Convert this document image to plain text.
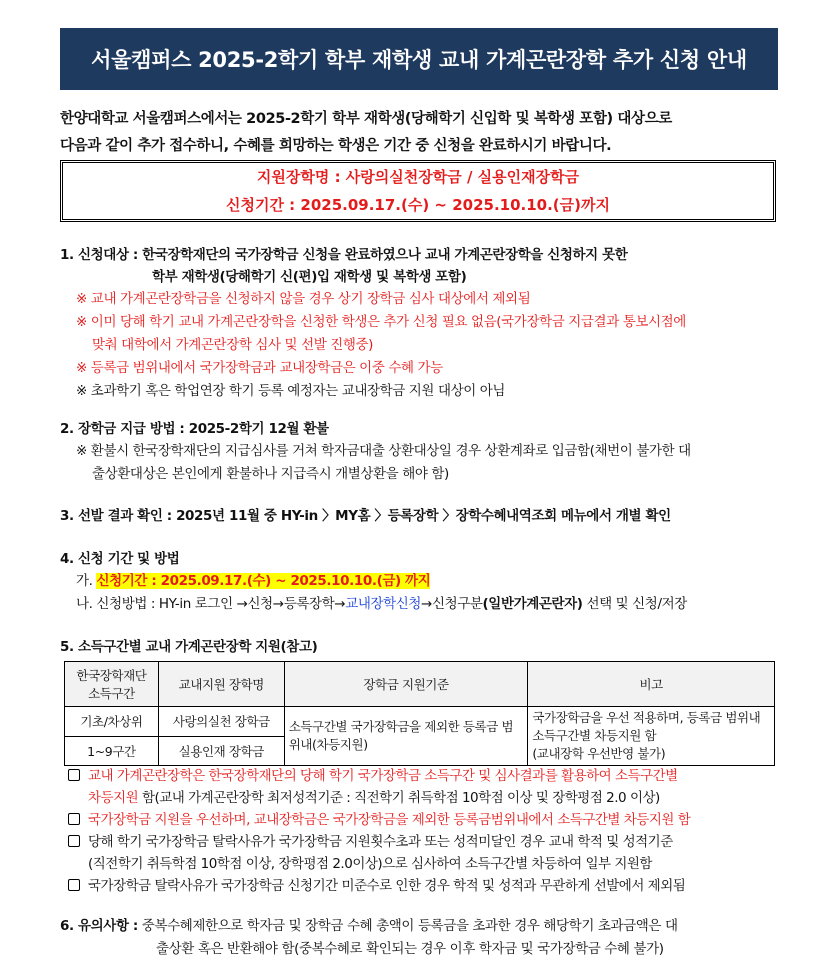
서울캠퍼스 2025-2학기 학부 재학생 교내 가계곤란장학 추가 신청 안내
한양대학교 서울캠퍼스에서는 2025-2학기 학부 재학생(당해학기 신입학 및 복학생 포함) 대상으로
다음과 같이 추가 접수하니, 수혜를 희망하는 학생은 기간 중 신청을 완료하시기 바랍니다.
지원장학명 : 사랑의실천장학금 / 실용인재장학금
신청기간 : 2025.09.17.(수) ~ 2025.10.10.(금)까지
1. 신청대상 : 한국장학재단의 국가장학금 신청을 완료하였으나 교내 가계곤란장학을 신청하지 못한
학부 재학생(당해학기 신(편)입 재학생 및 복학생 포함)
※ 교내 가계곤란장학금을 신청하지 않을 경우 상기 장학금 심사 대상에서 제외됨
※ 이미 당해 학기 교내 가계곤란장학을 신청한 학생은 추가 신청 필요 없음(국가장학금 지급결과 통보시점에
맞춰 대학에서 가계곤란장학 심사 및 선발 진행중)
※ 등록금 범위내에서 국가장학금과 교내장학금은 이중 수혜 가능
※ 초과학기 혹은 학업연장 학기 등록 예정자는 교내장학금 지원 대상이 아님
2. 장학금 지급 방법 : 2025-2학기 12월 환불
※ 환불시 한국장학재단의 지급심사를 거쳐 학자금대출 상환대상일 경우 상환계좌로 입금함(채번이 불가한 대
출상환대상은 본인에게 환불하나 지급즉시 개별상환을 해야 함)
3. 선발 결과 확인 : 2025년 11월 중 HY-in 〉MY홈 〉등록장학 〉장학수혜내역조회 메뉴에서 개별 확인
4. 신청 기간 및 방법
가. 신청기간 : 2025.09.17.(수) ~ 2025.10.10.(금) 까지
나. 신청방법 : HY-in 로그인 →신청→등록장학→교내장학신청→신청구분(일반가계곤란자) 선택 및 신청/저장
5. 소득구간별 교내 가계곤란장학 지원(참고)
한국장학재단
소득구간	교내지원 장학명	장학금 지원기준	비고
기초/차상위	사랑의실천 장학금	소득구간별 국가장학금을 제외한 등록금 범위내(차등지원)	국가장학금을 우선 적용하며, 등록금 범위내 소득구간별 차등지원 함
(교내장학 우선반영 불가)

1~9구간	실용인재 장학금		
교내 가계곤란장학은 한국장학재단의 당해 학기 국가장학금 소득구간 및 심사결과를 활용하여 소득구간별
차등지원 함(교내 가계곤란장학 최저성적기준 : 직전학기 취득학점 10학점 이상 및 장학평점 2.0 이상)
국가장학금 지원을 우선하며, 교내장학금은 국가장학금을 제외한 등록금범위내에서 소득구간별 차등지원 함
당해 학기 국가장학금 탈락사유가 국가장학금 지원횟수초과 또는 성적미달인 경우 교내 학적 및 성적기준
(직전학기 취득학점 10학점 이상, 장학평점 2.0이상)으로 심사하여 소득구간별 차등하여 일부 지원함
국가장학금 탈락사유가 국가장학금 신청기간 미준수로 인한 경우 학적 및 성적과 무관하게 선발에서 제외됨
6. 유의사항 : 중복수혜제한으로 학자금 및 장학금 수혜 총액이 등록금을 초과한 경우 해당학기 초과금액은 대
출상환 혹은 반환해야 함(중복수혜로 확인되는 경우 이후 학자금 및 국가장학금 수혜 불가)
